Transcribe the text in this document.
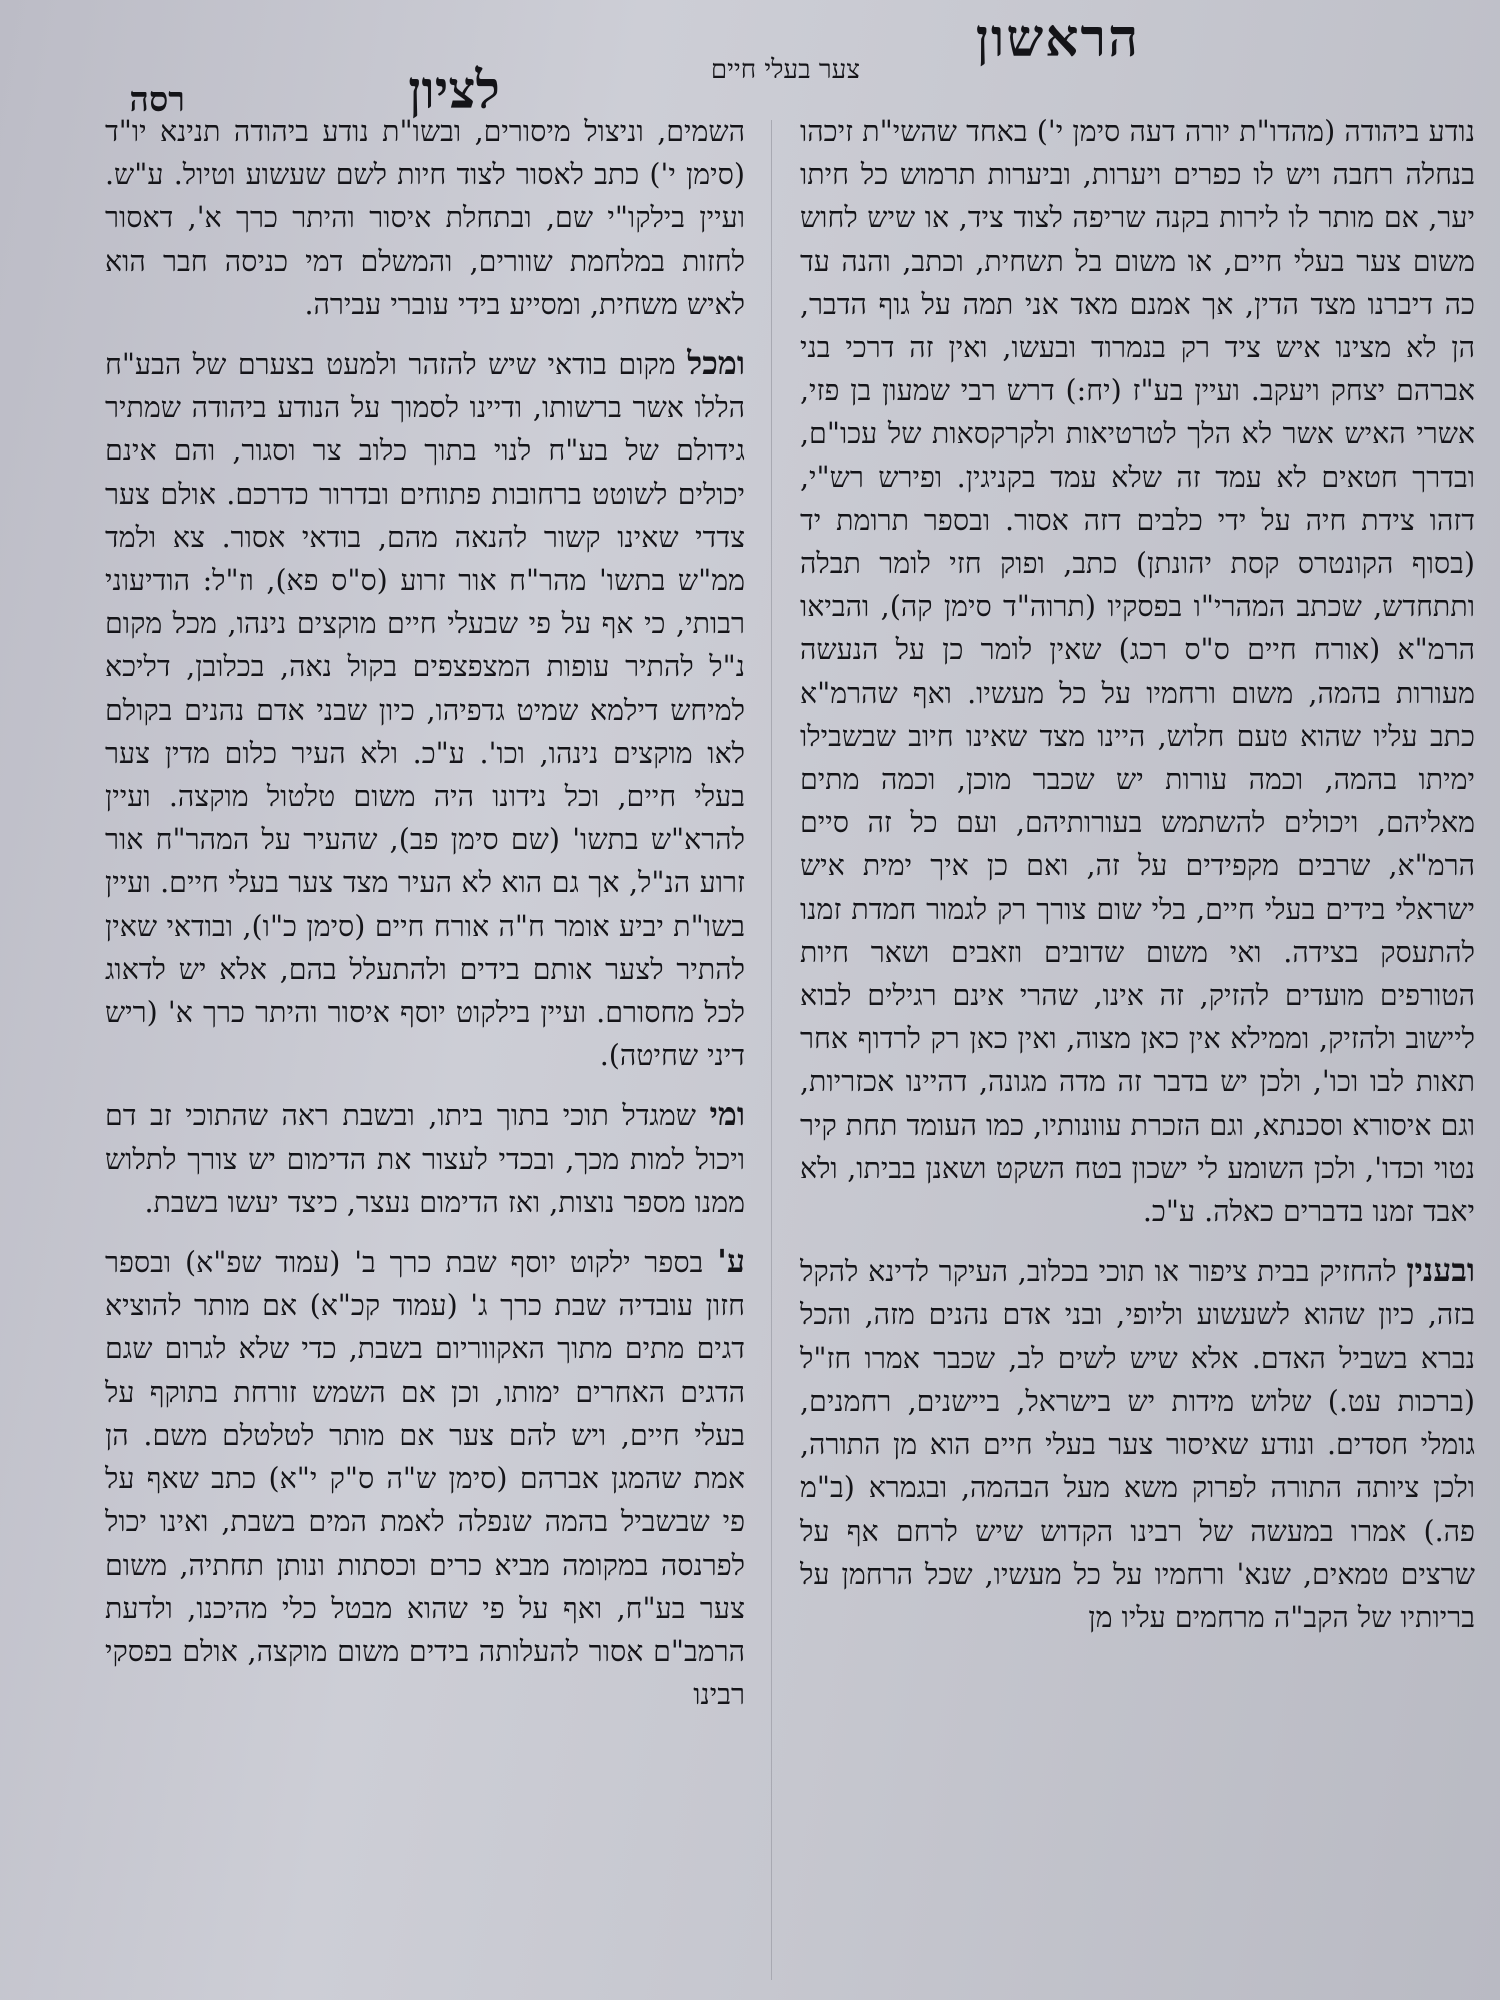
הראשון
צער בעלי חיים
לציון
רסה

נודע ביהודה (מהדו"ת יורה דעה סימן י') באחד שהשי"ת זיכהו בנחלה רחבה ויש לו כפרים ויערות, וביערות תרמוש כל חיתו יער, אם מותר לו לירות בקנה שריפה לצוד ציד, או שיש לחוש משום צער בעלי חיים, או משום בל תשחית, וכתב, והנה עד כה דיברנו מצד הדין, אך אמנם מאד אני תמה על גוף הדבר, הן לא מצינו איש ציד רק בנמרוד ובעשו, ואין זה דרכי בני אברהם יצחק ויעקב. ועיין בע"ז (יח:) דרש רבי שמעון בן פזי, אשרי האיש אשר לא הלך לטרטיאות ולקרקסאות של עכו"ם, ובדרך חטאים לא עמד זה שלא עמד בקניגין. ופירש רש"י, דזהו צידת חיה על ידי כלבים דזה אסור. ובספר תרומת יד (בסוף הקונטרס קסת יהונתן) כתב, ופוק חזי לומר תבלה ותתחדש, שכתב המהרי"ו בפסקיו (תרוה"ד סימן קה), והביאו הרמ"א (אורח חיים ס"ס רכג) שאין לומר כן על הנעשה מעורות בהמה, משום ורחמיו על כל מעשיו. ואף שהרמ"א כתב עליו שהוא טעם חלוש, היינו מצד שאינו חיוב שבשבילו ימיתו בהמה, וכמה עורות יש שכבר מוכן, וכמה מתים מאליהם, ויכולים להשתמש בעורותיהם, ועם כל זה סיים הרמ"א, שרבים מקפידים על זה, ואם כן איך ימית איש ישראלי בידים בעלי חיים, בלי שום צורך רק לגמור חמדת זמנו להתעסק בצידה. ואי משום שדובים וזאבים ושאר חיות הטורפים מועדים להזיק, זה אינו, שהרי אינם רגילים לבוא ליישוב ולהזיק, וממילא אין כאן מצוה, ואין כאן רק לרדוף אחר תאות לבו וכו', ולכן יש בדבר זה מדה מגונה, דהיינו אכזריות, וגם איסורא וסכנתא, וגם הזכרת עוונותיו, כמו העומד תחת קיר נטוי וכדו', ולכן השומע לי ישכון בטח השקט ושאנן בביתו, ולא יאבד זמנו בדברים כאלה. ע"כ.

ובענין להחזיק בבית ציפור או תוכי בכלוב, העיקר לדינא להקל בזה, כיון שהוא לשעשוע וליופי, ובני אדם נהנים מזה, והכל נברא בשביל האדם. אלא שיש לשים לב, שכבר אמרו חז"ל (ברכות עט.) שלוש מידות יש בישראל, ביישנים, רחמנים, גומלי חסדים. ונודע שאיסור צער בעלי חיים הוא מן התורה, ולכן ציותה התורה לפרוק משא מעל הבהמה, ובגמרא (ב"מ פה.) אמרו במעשה של רבינו הקדוש שיש לרחם אף על שרצים טמאים, שנא' ורחמיו על כל מעשיו, שכל הרחמן על בריותיו של הקב"ה מרחמים עליו מן

השמים, וניצול מיסורים, ובשו"ת נודע ביהודה תנינא יו"ד (סימן י') כתב לאסור לצוד חיות לשם שעשוע וטיול. ע"ש. ועיין בילקו"י שם, ובתחלת איסור והיתר כרך א', דאסור לחזות במלחמת שוורים, והמשלם דמי כניסה חבר הוא לאיש משחית, ומסייע בידי עוברי עבירה.

ומכל מקום בודאי שיש להזהר ולמעט בצערם של הבע"ח הללו אשר ברשותו, ודיינו לסמוך על הנודע ביהודה שמתיר גידולם של בע"ח לנוי בתוך כלוב צר וסגור, והם אינם יכולים לשוטט ברחובות פתוחים ובדרור כדרכם. אולם צער צדדי שאינו קשור להנאה מהם, בודאי אסור. צא ולמד ממ"ש בתשו' מהר"ח אור זרוע (ס"ס פא), וז"ל: הודיעוני רבותי, כי אף על פי שבעלי חיים מוקצים נינהו, מכל מקום נ"ל להתיר עופות המצפצפים בקול נאה, בכלובן, דליכא למיחש דילמא שמיט גדפיהו, כיון שבני אדם נהנים בקולם לאו מוקצים נינהו, וכו'. ע"כ. ולא העיר כלום מדין צער בעלי חיים, וכל נידונו היה משום טלטול מוקצה. ועיין להרא"ש בתשו' (שם סימן פב), שהעיר על המהר"ח אור זרוע הנ"ל, אך גם הוא לא העיר מצד צער בעלי חיים. ועיין בשו"ת יביע אומר ח"ה אורח חיים (סימן כ"ו), ובודאי שאין להתיר לצער אותם בידים ולהתעלל בהם, אלא יש לדאוג לכל מחסורם. ועיין בילקוט יוסף איסור והיתר כרך א' (ריש דיני שחיטה).

ומי שמגדל תוכי בתוך ביתו, ובשבת ראה שהתוכי זב דם ויכול למות מכך, ובכדי לעצור את הדימום יש צורך לתלוש ממנו מספר נוצות, ואז הדימום נעצר, כיצד יעשו בשבת.

ע' בספר ילקוט יוסף שבת כרך ב' (עמוד שפ"א) ובספר חזון עובדיה שבת כרך ג' (עמוד קכ"א) אם מותר להוציא דגים מתים מתוך האקווריום בשבת, כדי שלא לגרום שגם הדגים האחרים ימותו, וכן אם השמש זורחת בתוקף על בעלי חיים, ויש להם צער אם מותר לטלטלם משם. הן אמת שהמגן אברהם (סימן ש"ה ס"ק י"א) כתב שאף על פי שבשביל בהמה שנפלה לאמת המים בשבת, ואינו יכול לפרנסה במקומה מביא כרים וכסתות ונותן תחתיה, משום צער בע"ח, ואף על פי שהוא מבטל כלי מהיכנו, ולדעת הרמב"ם אסור להעלותה בידים משום מוקצה, אולם בפסקי רבינו
